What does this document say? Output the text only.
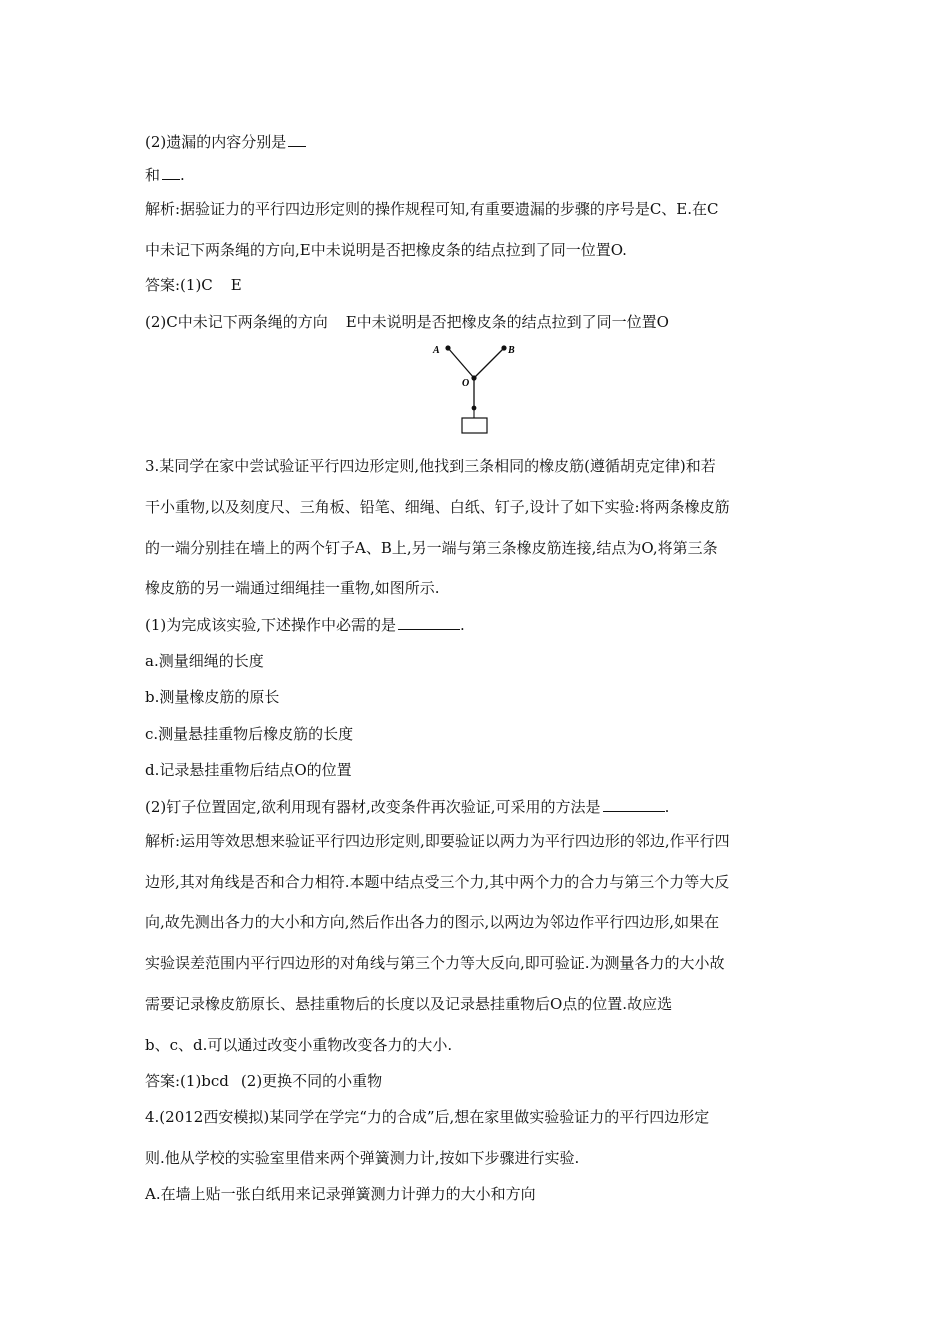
(2)遗漏的内容分别是
和 .
解析:据验证力的平行四边形定则的操作规程可知,有重要遗漏的步骤的序号是C、E.在C
中未记下两条绳的方向,E中未说明是否把橡皮条的结点拉到了同一位置O.
答案:(1)C E
(2)C中未记下两条绳的方向 E中未说明是否把橡皮条的结点拉到了同一位置O
A	B
O
3.某同学在家中尝试验证平行四边形定则,他找到三条相同的橡皮筋(遵循胡克定律)和若
干小重物,以及刻度尺、三角板、铅笔、细绳、白纸、钉子,设计了如下实验:将两条橡皮筋
的一端分别挂在墙上的两个钉子A、B上,另一端与第三条橡皮筋连接,结点为O,将第三条
橡皮筋的另一端通过细绳挂一重物,如图所示.
(1)为完成该实验,下述操作中必需的是	.
a.测量细绳的长度
b.测量橡皮筋的原长
c.测量悬挂重物后橡皮筋的长度
d.记录悬挂重物后结点O的位置
(2)钉子位置固定,欲利用现有器材,改变条件再次验证,可采用的方法是	.
解析:运用等效思想来验证平行四边形定则,即要验证以两力为平行四边形的邻边,作平行四
边形,其对角线是否和合力相符.本题中结点受三个力,其中两个力的合力与第三个力等大反
向,故先测出各力的大小和方向,然后作出各力的图示,以两边为邻边作平行四边形,如果在
实验误差范围内平行四边形的对角线与第三个力等大反向,即可验证.为测量各力的大小故
需要记录橡皮筋原长、悬挂重物后的长度以及记录悬挂重物后O点的位置.故应选
b、c、d.可以通过改变小重物改变各力的大小.
答案:(1)bcd (2)更换不同的小重物
4.(2012西安模拟)某同学在学完“力的合成”后,想在家里做实验验证力的平行四边形定
则.他从学校的实验室里借来两个弹簧测力计,按如下步骤进行实验.
A.在墙上贴一张白纸用来记录弹簧测力计弹力的大小和方向
